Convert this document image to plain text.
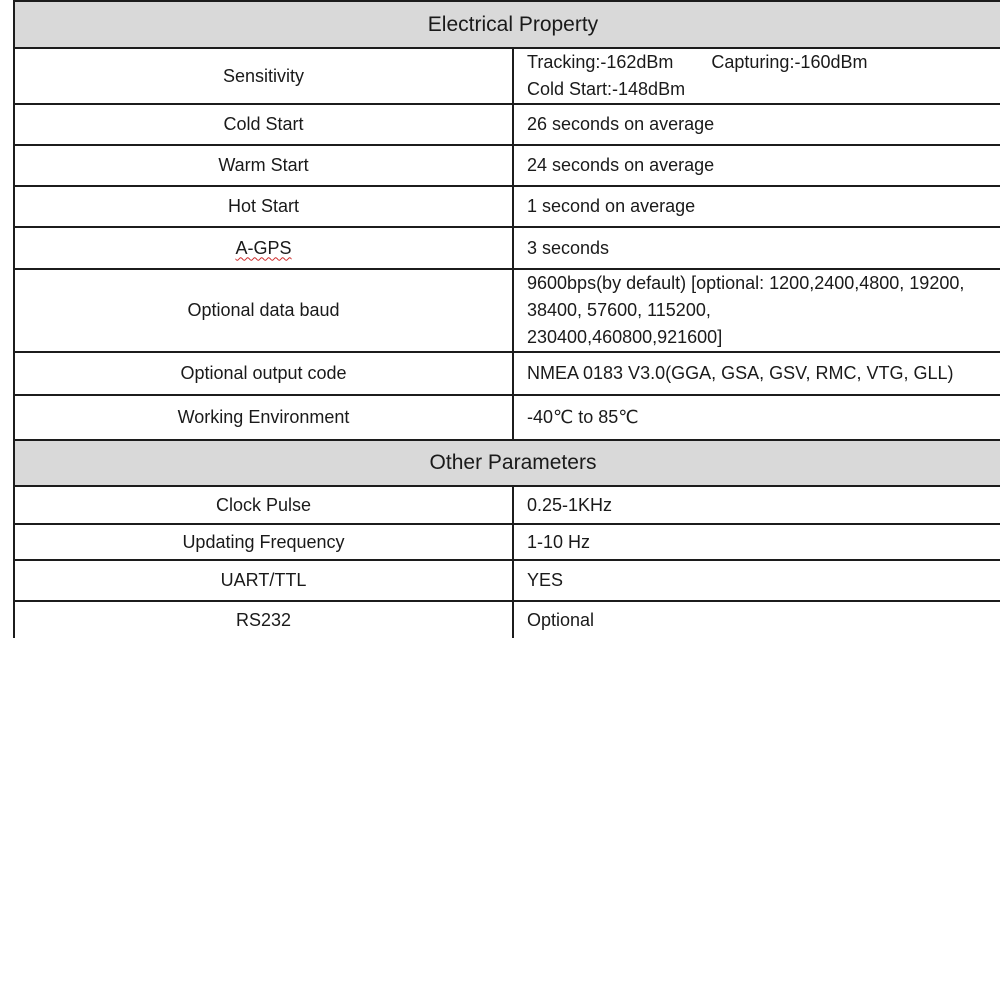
Electrical Property	
Sensitivity	Tracking:-162dBm Capturing:-160dBmCold Start:-148dBm
Cold Start	26 seconds on average
Warm Start	24 seconds on average
Hot Start	1 second on average
A-GPS	3 seconds
Optional data baud	9600bps(by default) [optional: 1200,2400,4800, 19200, 38400, 57600, 115200,
230400,460800,921600]

Optional output code	NMEA 0183 V3.0(GGA, GSA, GSV, RMC, VTG, GLL)
Working Environment	-40℃ to 85℃
Other Parameters	
Clock Pulse	0.25-1KHz
Updating Frequency	1-10 Hz
UART/TTL	YES
RS232	Optional
